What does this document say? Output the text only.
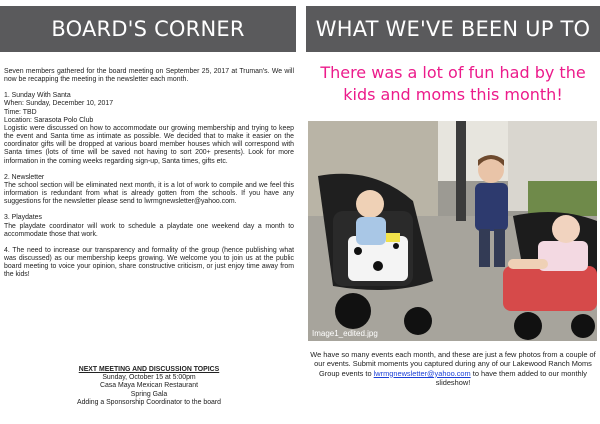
BOARD'S CORNER	WHAT WE'VE BEEN UP TO

Seven members gathered for the board meeting on September 25, 2017 at Truman's. We will now be recapping the meeting in the newsletter each month.

1. Sunday With Santa
When: Sunday, December 10, 2017
Time: TBD
Location: Sarasota Polo Club

Logistic were discussed on how to accommodate our growing membership and trying to keep the event and Santa time as intimate as possible. We decided that to make it easier on the coordinator gifts will be dropped at various board member houses which will correspond with Santa times (lots of time will be saved not having to sort 200+ presents). Look for more information in the coming weeks regarding sign-up, Santa times, gifts etc.

2. Newsletter

The school section will be eliminated next month, it is a lot of work to compile and we feel this information is redundant from what is already gotten from the schools. If you have any suggestions for the newsletter please send to lwrmgnewsletter@yahoo.com.

3. Playdates

The playdate coordinator will work to schedule a playdate one weekend day a month to accommodate those that work.

4. The need to increase our transparency and formality of the group (hence publishing what was discussed) as our membership keeps growing. We welcome you to join us at the public board meeting to voice your opinion, share constructive criticism, or just enjoy time away from the kids!

NEXT MEETING AND DISCUSSION TOPICS
Sunday, October 15 at 5:00pm
Casa Maya Mexican Restaurant
Spring Gala
Adding a Sponsorship Coordinator to the board
There was a lot of fun had by the kids and moms this month!
Image1_edited.jpg
We have so many events each month, and these are just a few photos from a couple of our events. Submit moments you captured during any of our Lakewood Ranch Moms Group events to lwrmgnewsletter@yahoo.com to have them added to our monthly slideshow!
